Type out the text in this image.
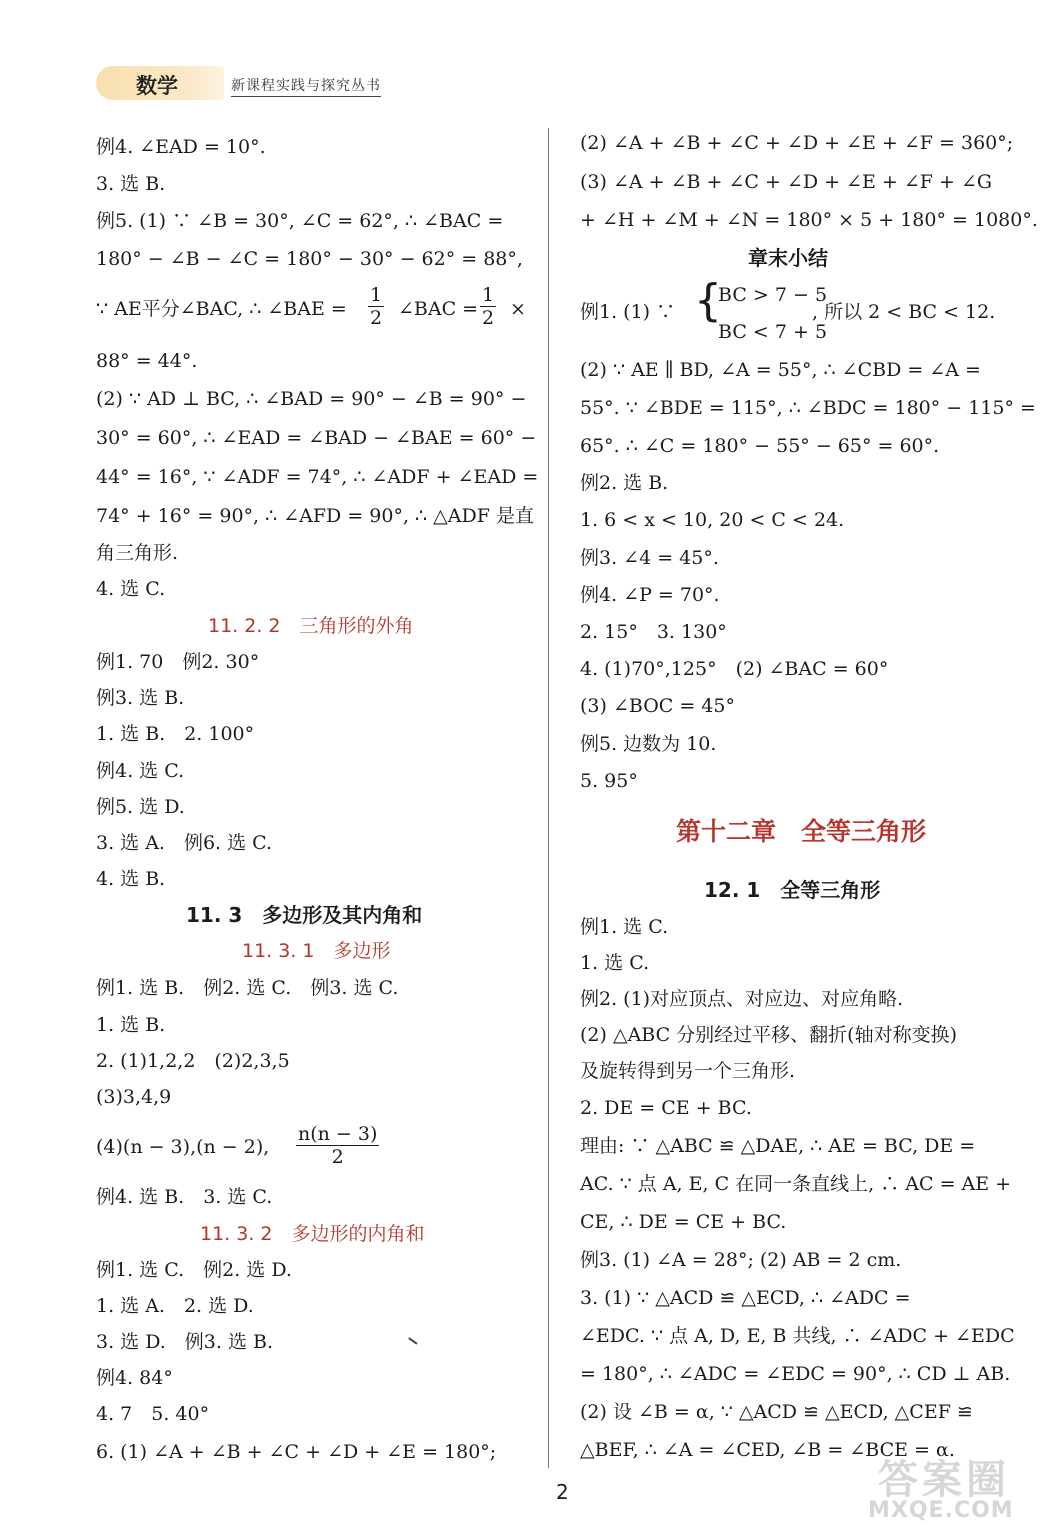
数学	新课程实践与探究丛书
例4. ∠EAD = 10°.
3. 选 B.
例5. (1) ∵ ∠B = 30°, ∠C = 62°, ∴ ∠BAC =
180° − ∠B − ∠C = 180° − 30° − 62° = 88°,
∵ AE平分∠BAC, ∴ ∠BAE = $\frac{1}{2}$ ∠BAC = $\frac{1}{2}$ ×
88° = 44°.
(2) ∵ AD ⊥ BC, ∴ ∠BAD = 90° − ∠B = 90° −
30° = 60°, ∴ ∠EAD = ∠BAD − ∠BAE = 60° −
44° = 16°, ∵ ∠ADF = 74°, ∴ ∠ADF + ∠EAD =
74° + 16° = 90°, ∴ ∠AFD = 90°, ∴ △ADF 是直
角三角形.
4. 选 C.
11. 2. 2　三角形的外角
例1. 70　例2. 30°
例3. 选 B.
1. 选 B.　2. 100°
例4. 选 C.
例5. 选 D.
3. 选 A.　例6. 选 C.
4. 选 B.
11. 3　多边形及其内角和
11. 3. 1　多边形
例1. 选 B.　例2. 选 C.　例3. 选 C.
1. 选 B.
2. (1)1,2,2　(2)2,3,5
(3)3,4,9
(4)(n − 3),(n − 2), $\frac{n(n - 3)}{2}$
例4. 选 B.　3. 选 C.
11. 3. 2　多边形的内角和
例1. 选 C.　例2. 选 D.
1. 选 A.　2. 选 D.
3. 选 D.　例3. 选 B.
例4. 84°
4. 7　5. 40°
6. (1) ∠A + ∠B + ∠C + ∠D + ∠E = 180°;
(2) ∠A + ∠B + ∠C + ∠D + ∠E + ∠F = 360°;
(3) ∠A + ∠B + ∠C + ∠D + ∠E + ∠F + ∠G
+ ∠H + ∠M + ∠N = 180° × 5 + 180° = 1080°.
章末小结
例1. (1) ∵ {
BC > 7 − 5
BC < 7 + 5
, 所以 2 < BC < 12.
(2) ∵ AE ∥ BD, ∠A = 55°, ∴ ∠CBD = ∠A =
55°. ∵ ∠BDE = 115°, ∴ ∠BDC = 180° − 115° =
65°. ∴ ∠C = 180° − 55° − 65° = 60°.
例2. 选 B.
1. 6 < x < 10, 20 < C < 24.
例3. ∠4 = 45°.
例4. ∠P = 70°.
2. 15°　3. 130°
4. (1)70°,125°　(2) ∠BAC = 60°
(3) ∠BOC = 45°
例5. 边数为 10.
5. 95°
第十二章　全等三角形
12. 1　全等三角形
例1. 选 C.
1. 选 C.
例2. (1)对应顶点、对应边、对应角略.
(2) △ABC 分别经过平移、翻折(轴对称变换)
及旋转得到另一个三角形.
2. DE = CE + BC.
理由: ∵ △ABC ≌ △DAE, ∴ AE = BC, DE =
AC. ∵ 点 A, E, C 在同一条直线上, ∴ AC = AE +
CE, ∴ DE = CE + BC.
例3. (1) ∠A = 28°; (2) AB = 2 cm.
3. (1) ∵ △ACD ≌ △ECD, ∴ ∠ADC =
∠EDC. ∵ 点 A, D, E, B 共线, ∴ ∠ADC + ∠EDC
= 180°, ∴ ∠ADC = ∠EDC = 90°, ∴ CD ⊥ AB.
(2) 设 ∠B = α, ∵ △ACD ≌ △ECD, △CEF ≌
△BEF, ∴ ∠A = ∠CED, ∠B = ∠BCE = α.
2	答案圈
MXQE.COM
